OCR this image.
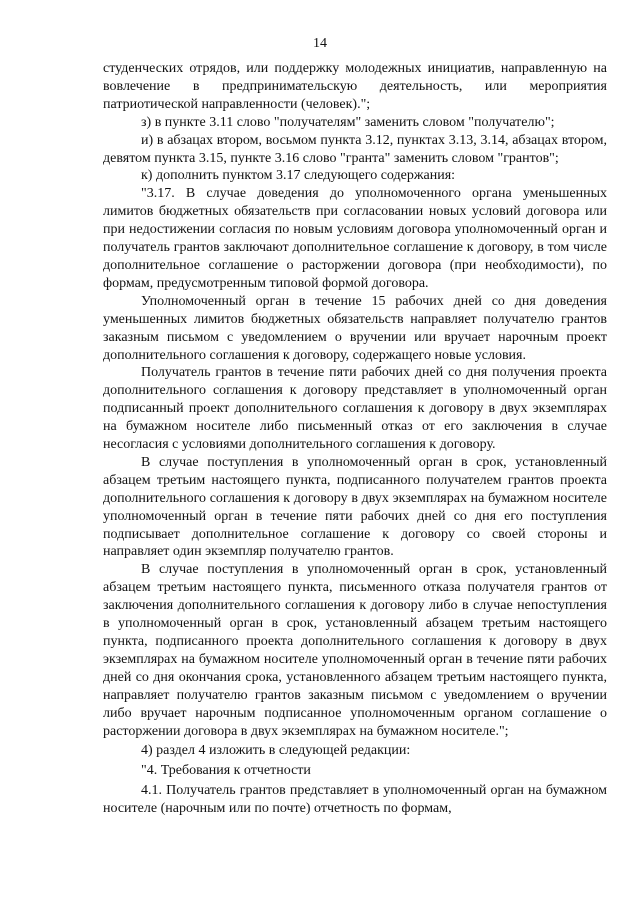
14

студенческих отрядов, или поддержку молодежных инициатив, направленную на вовлечение в предпринимательскую деятельность, или мероприятия патриотической направленности (человек).";

з) в пункте 3.11 слово "получателям" заменить словом "получателю";

и) в абзацах втором, восьмом пункта 3.12, пунктах 3.13, 3.14, абзацах втором, девятом пункта 3.15, пункте 3.16 слово "гранта" заменить словом "грантов";

к) дополнить пунктом 3.17 следующего содержания:

"3.17. В случае доведения до уполномоченного органа уменьшенных лимитов бюджетных обязательств при согласовании новых условий договора или при недостижении согласия по новым условиям договора уполномоченный орган и получатель грантов заключают дополнительное соглашение к договору, в том числе дополнительное соглашение о расторжении договора (при необходимости), по формам, предусмотренным типовой формой договора.

Уполномоченный орган в течение 15 рабочих дней со дня доведения уменьшенных лимитов бюджетных обязательств направляет получателю грантов заказным письмом с уведомлением о вручении или вручает нарочным проект дополнительного соглашения к договору, содержащего новые условия.

Получатель грантов в течение пяти рабочих дней со дня получения проекта дополнительного соглашения к договору представляет в уполномоченный орган подписанный проект дополнительного соглашения к договору в двух экземплярах на бумажном носителе либо письменный отказ от его заключения в случае несогласия с условиями дополнительного соглашения к договору.

В случае поступления в уполномоченный орган в срок, установленный абзацем третьим настоящего пункта, подписанного получателем грантов проекта дополнительного соглашения к договору в двух экземплярах на бумажном носителе уполномоченный орган в течение пяти рабочих дней со дня его поступления подписывает дополнительное соглашение к договору со своей стороны и направляет один экземпляр получателю грантов.

В случае поступления в уполномоченный орган в срок, установленный абзацем третьим настоящего пункта, письменного отказа получателя грантов от заключения дополнительного соглашения к договору либо в случае непоступления в уполномоченный орган в срок, установленный абзацем третьим настоящего пункта, подписанного проекта дополнительного соглашения к договору в двух экземплярах на бумажном носителе уполномоченный орган в течение пяти рабочих дней со дня окончания срока, установленного абзацем третьим настоящего пункта, направляет получателю грантов заказным письмом с уведомлением о вручении либо вручает нарочным подписанное уполномоченным органом соглашение о расторжении договора в двух экземплярах на бумажном носителе.";

4) раздел 4 изложить в следующей редакции:

"4. Требования к отчетности

4.1. Получатель грантов представляет в уполномоченный орган на бумажном носителе (нарочным или по почте) отчетность по формам,
